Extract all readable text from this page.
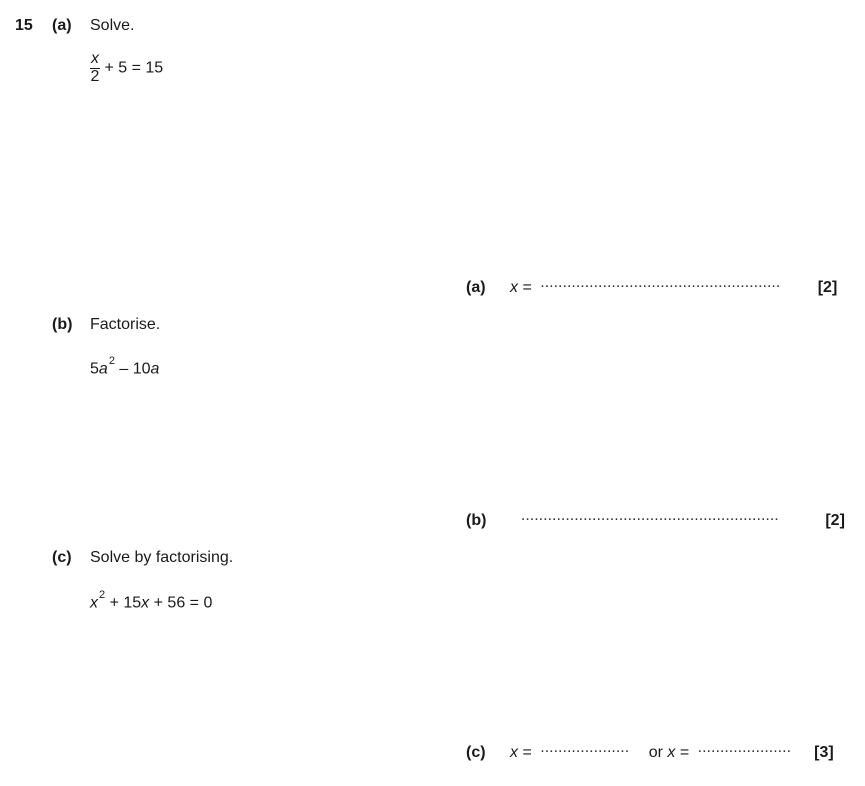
15 (a) Solve.
$\frac{x}{2} + 5 = 15$
(a) x = ...................................................... [2]
(b) Factorise.
$5a^2 - 10a$
(b) ..........................................................	[2]
(c) Solve by factorising.
$x^2 + 15x + 56 = 0$
(c) x = .................... or x = ..................... [3]
